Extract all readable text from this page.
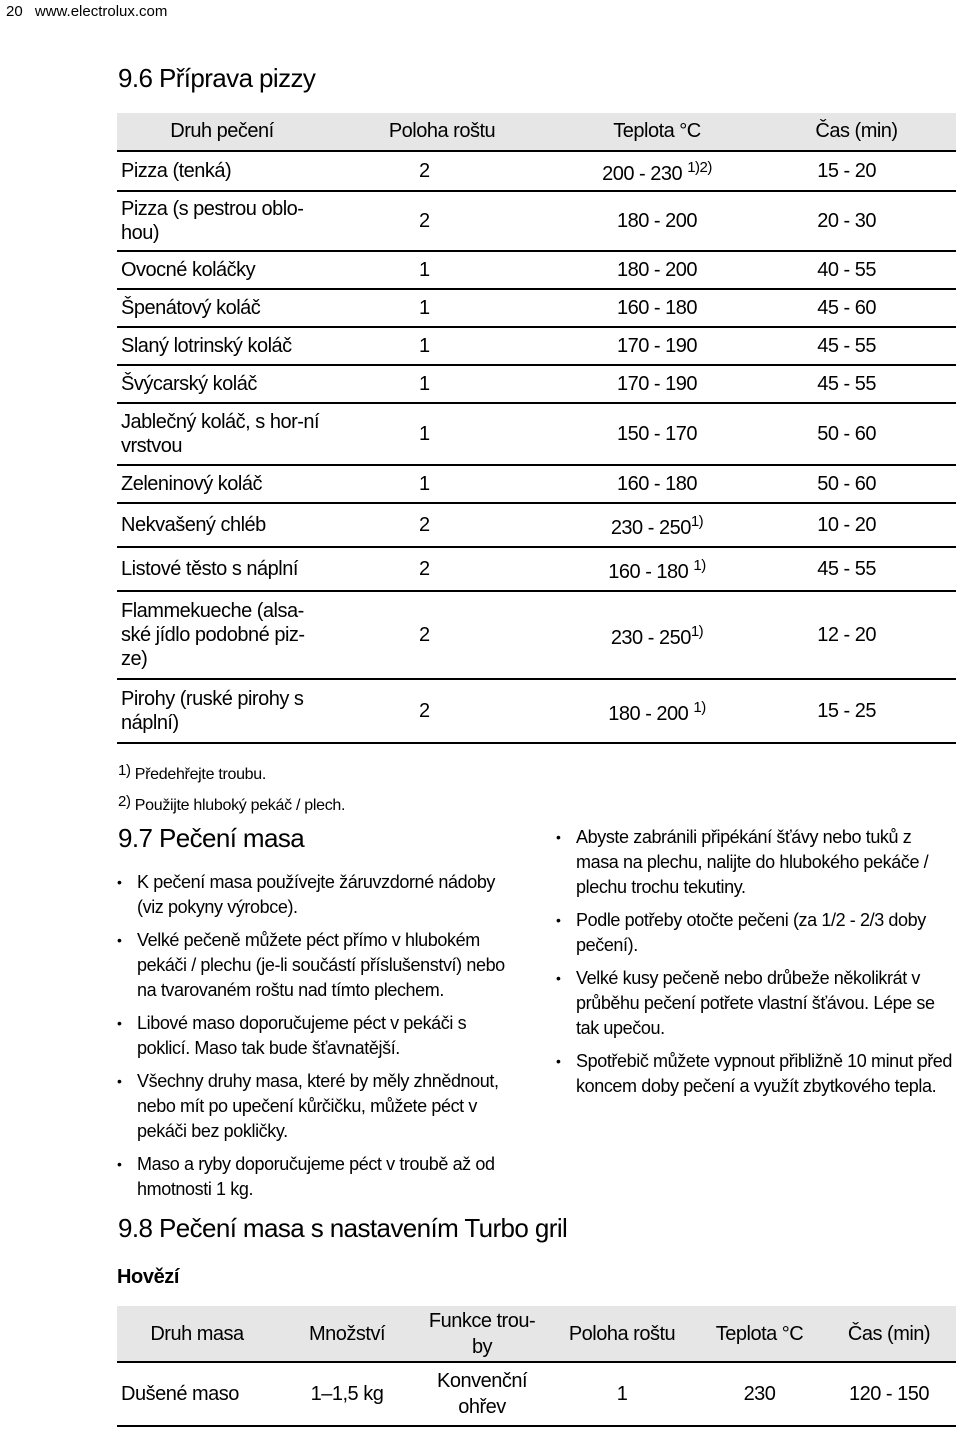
20 www.electrolux.com
9.6 Příprava pizzy
Druh pečení	Poloha roštu	Teplota °C	Čas (min)
Pizza (tenká)	2	200 - 230 $^{1)2)}$	15 - 20
Pizza (s pestrou oblo-hou)	2	180 - 200	20 - 30
Ovocné koláčky	1	180 - 200	40 - 55
Špenátový koláč	1	160 - 180	45 - 60
Slaný lotrinský koláč	1	170 - 190	45 - 55
Švýcarský koláč	1	170 - 190	45 - 55
Jablečný koláč, s hor-ní vrstvou	1	150 - 170	50 - 60
Zeleninový koláč	1	160 - 180	50 - 60
Nekvašený chléb	2	230 - 250$^{1)}$	10 - 20
Listové těsto s náplní	2	160 - 180 $^{1)}$	45 - 55
Flammekueche (alsa-ské jídlo podobné piz-ze)	2	230 - 250$^{1)}$	12 - 20
Pirohy (ruské pirohy s náplní)	2	180 - 200 $^{1)}$	15 - 25
$^{1)}$ Předehřejte troubu.
$^{2)}$ Použijte hluboký pekáč / plech.
9.7 Pečení masa
• K pečení masa používejte žáruvzdorné nádoby (viz pokyny výrobce).
• Velké pečeně můžete péct přímo v hlubokém pekáči / plechu (je-li součástí příslušenství) nebo na tvarovaném roštu nad tímto plechem.
• Libové maso doporučujeme péct v pekáči s poklicí. Maso tak bude šťavnatější.
• Všechny druhy masa, které by měly zhnědnout, nebo mít po upečení kůrčičku, můžete péct v pekáči bez pokličky.
• Maso a ryby doporučujeme péct v troubě až od hmotnosti 1 kg.
• Abyste zabránili připékání šťávy nebo tuků z masa na plechu, nalijte do hlubokého pekáče / plechu trochu tekutiny.
• Podle potřeby otočte pečeni (za 1/2 - 2/3 doby pečení).
• Velké kusy pečeně nebo drůbeže několikrát v průběhu pečení potřete vlastní šťávou. Lépe se tak upečou.
• Spotřebič můžete vypnout přibližně 10 minut před koncem doby pečení a využít zbytkového tepla.
9.8 Pečení masa s nastavením Turbo gril
Hovězí
Druh masa	Množství	Funkce trou-by	Poloha roštu	Teplota °C	Čas (min)
Dušené maso	1–1,5 kg	Konvenční ohřev	1	230	120 - 150
